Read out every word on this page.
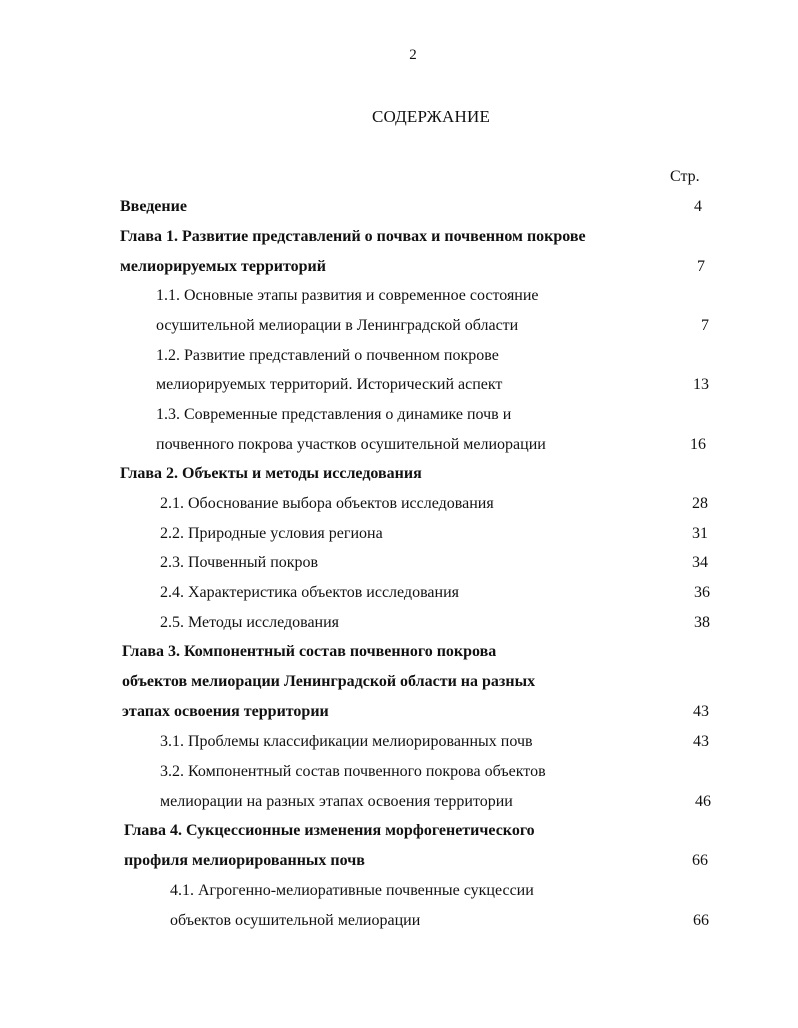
2
СОДЕРЖАНИЕ
Стр.
Введение	4
Глава 1. Развитие представлений о почвах и почвенном покрове
мелиорируемых территорий	7
1.1. Основные этапы развития и современное состояние
осушительной мелиорации в Ленинградской области	7
1.2. Развитие представлений о почвенном покрове
мелиорируемых территорий. Исторический аспект	13
1.3. Современные представления о динамике почв и
почвенного покрова участков осушительной мелиорации	16
Глава 2. Объекты и методы исследования
2.1. Обоснование выбора объектов исследования	28
2.2. Природные условия региона	31
2.3. Почвенный покров	34
2.4. Характеристика объектов исследования	36
2.5. Методы исследования	38
Глава 3. Компонентный состав почвенного покрова
объектов мелиорации Ленинградской области на разных
этапах освоения территории	43
3.1. Проблемы классификации мелиорированных почв	43
3.2. Компонентный состав почвенного покрова объектов
мелиорации на разных этапах освоения территории	46
Глава 4. Сукцессионные изменения морфогенетического
профиля мелиорированных почв	66
4.1. Агрогенно-мелиоративные почвенные сукцессии
объектов осушительной мелиорации	66
